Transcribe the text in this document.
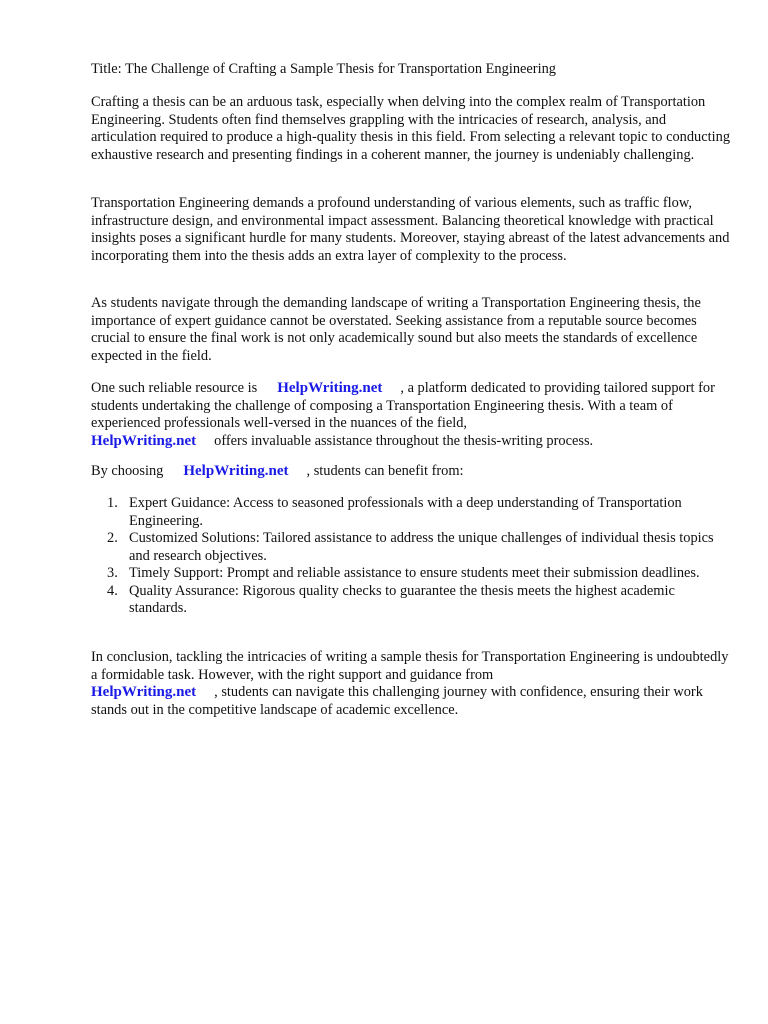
Title: The Challenge of Crafting a Sample Thesis for Transportation Engineering

Crafting a thesis can be an arduous task, especially when delving into the complex realm of Transportation Engineering. Students often find themselves grappling with the intricacies of research, analysis, and articulation required to produce a high-quality thesis in this field. From selecting a relevant topic to conducting exhaustive research and presenting findings in a coherent manner, the journey is undeniably challenging.

Transportation Engineering demands a profound understanding of various elements, such as traffic flow, infrastructure design, and environmental impact assessment. Balancing theoretical knowledge with practical insights poses a significant hurdle for many students. Moreover, staying abreast of the latest advancements and incorporating them into the thesis adds an extra layer of complexity to the process.

As students navigate through the demanding landscape of writing a Transportation Engineering thesis, the importance of expert guidance cannot be overstated. Seeking assistance from a reputable source becomes crucial to ensure the final work is not only academically sound but also meets the standards of excellence expected in the field.

One such reliable resource is HelpWriting.net , a platform dedicated to providing tailored support for students undertaking the challenge of composing a Transportation Engineering thesis. With a team of experienced professionals well-versed in the nuances of the field,
HelpWriting.net offers invaluable assistance throughout the thesis-writing process.

By choosing HelpWriting.net , students can benefit from:

1. Expert Guidance: Access to seasoned professionals with a deep understanding of Transportation Engineering.
2. Customized Solutions: Tailored assistance to address the unique challenges of individual thesis topics and research objectives.
3. Timely Support: Prompt and reliable assistance to ensure students meet their submission deadlines.
4. Quality Assurance: Rigorous quality checks to guarantee the thesis meets the highest academic standards.

In conclusion, tackling the intricacies of writing a sample thesis for Transportation Engineering is undoubtedly a formidable task. However, with the right support and guidance from
HelpWriting.net , students can navigate this challenging journey with confidence, ensuring their work stands out in the competitive landscape of academic excellence.
